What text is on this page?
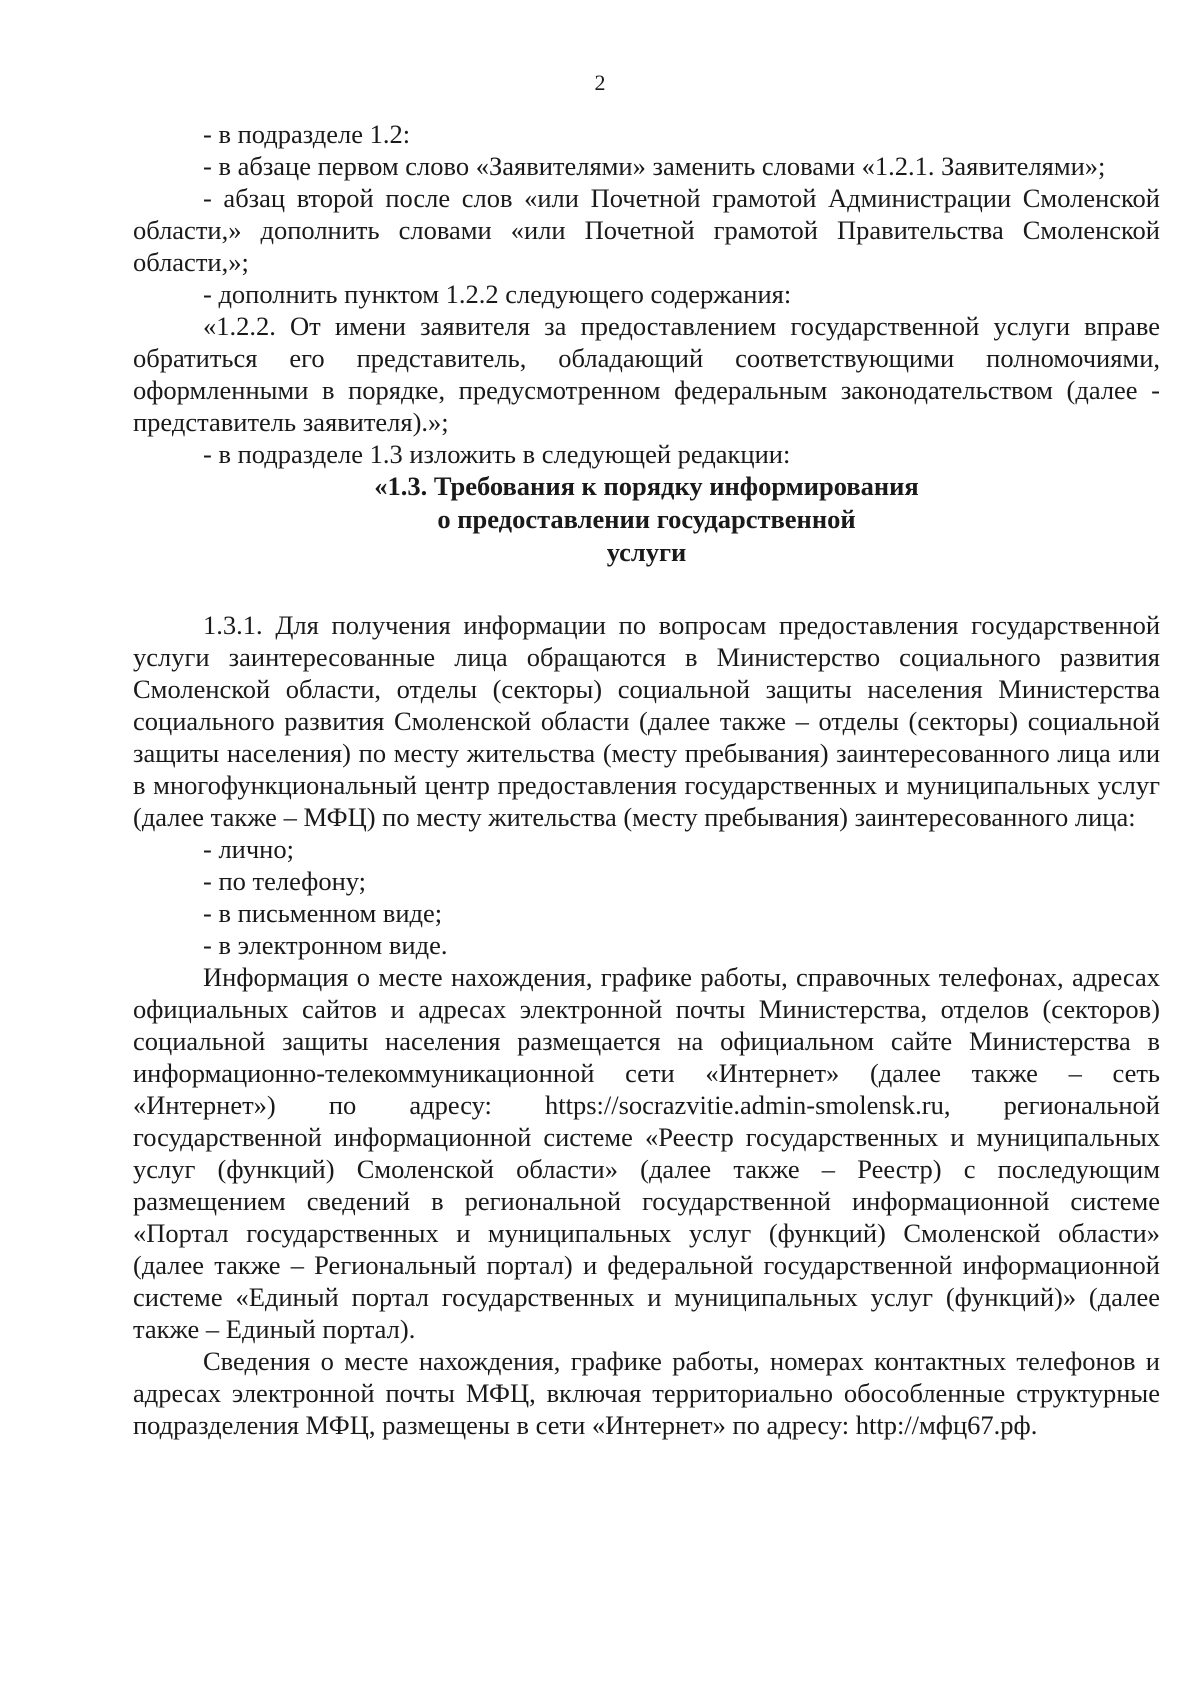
2

- в подразделе 1.2:

- в абзаце первом слово «Заявителями» заменить словами «1.2.1. Заявителями»;

- абзац второй после слов «или Почетной грамотой Администрации Смоленской области,» дополнить словами «или Почетной грамотой Правительства Смоленской области,»;

- дополнить пунктом 1.2.2 следующего содержания:

«1.2.2. От имени заявителя за предоставлением государственной услуги вправе обратиться его представитель, обладающий соответствующими полномочиями, оформленными в порядке, предусмотренном федеральным законодательством (далее - представитель заявителя).»;

- в подразделе 1.3 изложить в следующей редакции:

«1.3. Требования к порядку информирования
о предоставлении государственной
услуги

1.3.1. Для получения информации по вопросам предоставления государственной услуги заинтересованные лица обращаются в Министерство социального развития Смоленской области, отделы (секторы) социальной защиты населения Министерства социального развития Смоленской области (далее также – отделы (секторы) социальной защиты населения) по месту жительства (месту пребывания) заинтересованного лица или в многофункциональный центр предоставления государственных и муниципальных услуг (далее также – МФЦ) по месту жительства (месту пребывания) заинтересованного лица:

- лично;

- по телефону;

- в письменном виде;

- в электронном виде.

Информация о месте нахождения, графике работы, справочных телефонах, адресах официальных сайтов и адресах электронной почты Министерства, отделов (секторов) социальной защиты населения размещается на официальном сайте Министерства в информационно-телекоммуникационной сети «Интернет» (далее также – сеть «Интернет») по адресу: https://socrazvitie.admin-smolensk.ru, региональной государственной информационной системе «Реестр государственных и муниципальных услуг (функций) Смоленской области» (далее также – Реестр) с последующим размещением сведений в региональной государственной информационной системе «Портал государственных и муниципальных услуг (функций) Смоленской области» (далее также – Региональный портал) и федеральной государственной информационной системе «Единый портал государственных и муниципальных услуг (функций)» (далее также – Единый портал).

Сведения о месте нахождения, графике работы, номерах контактных телефонов и адресах электронной почты МФЦ, включая территориально обособленные структурные подразделения МФЦ, размещены в сети «Интернет» по адресу: http://мфц67.рф.
